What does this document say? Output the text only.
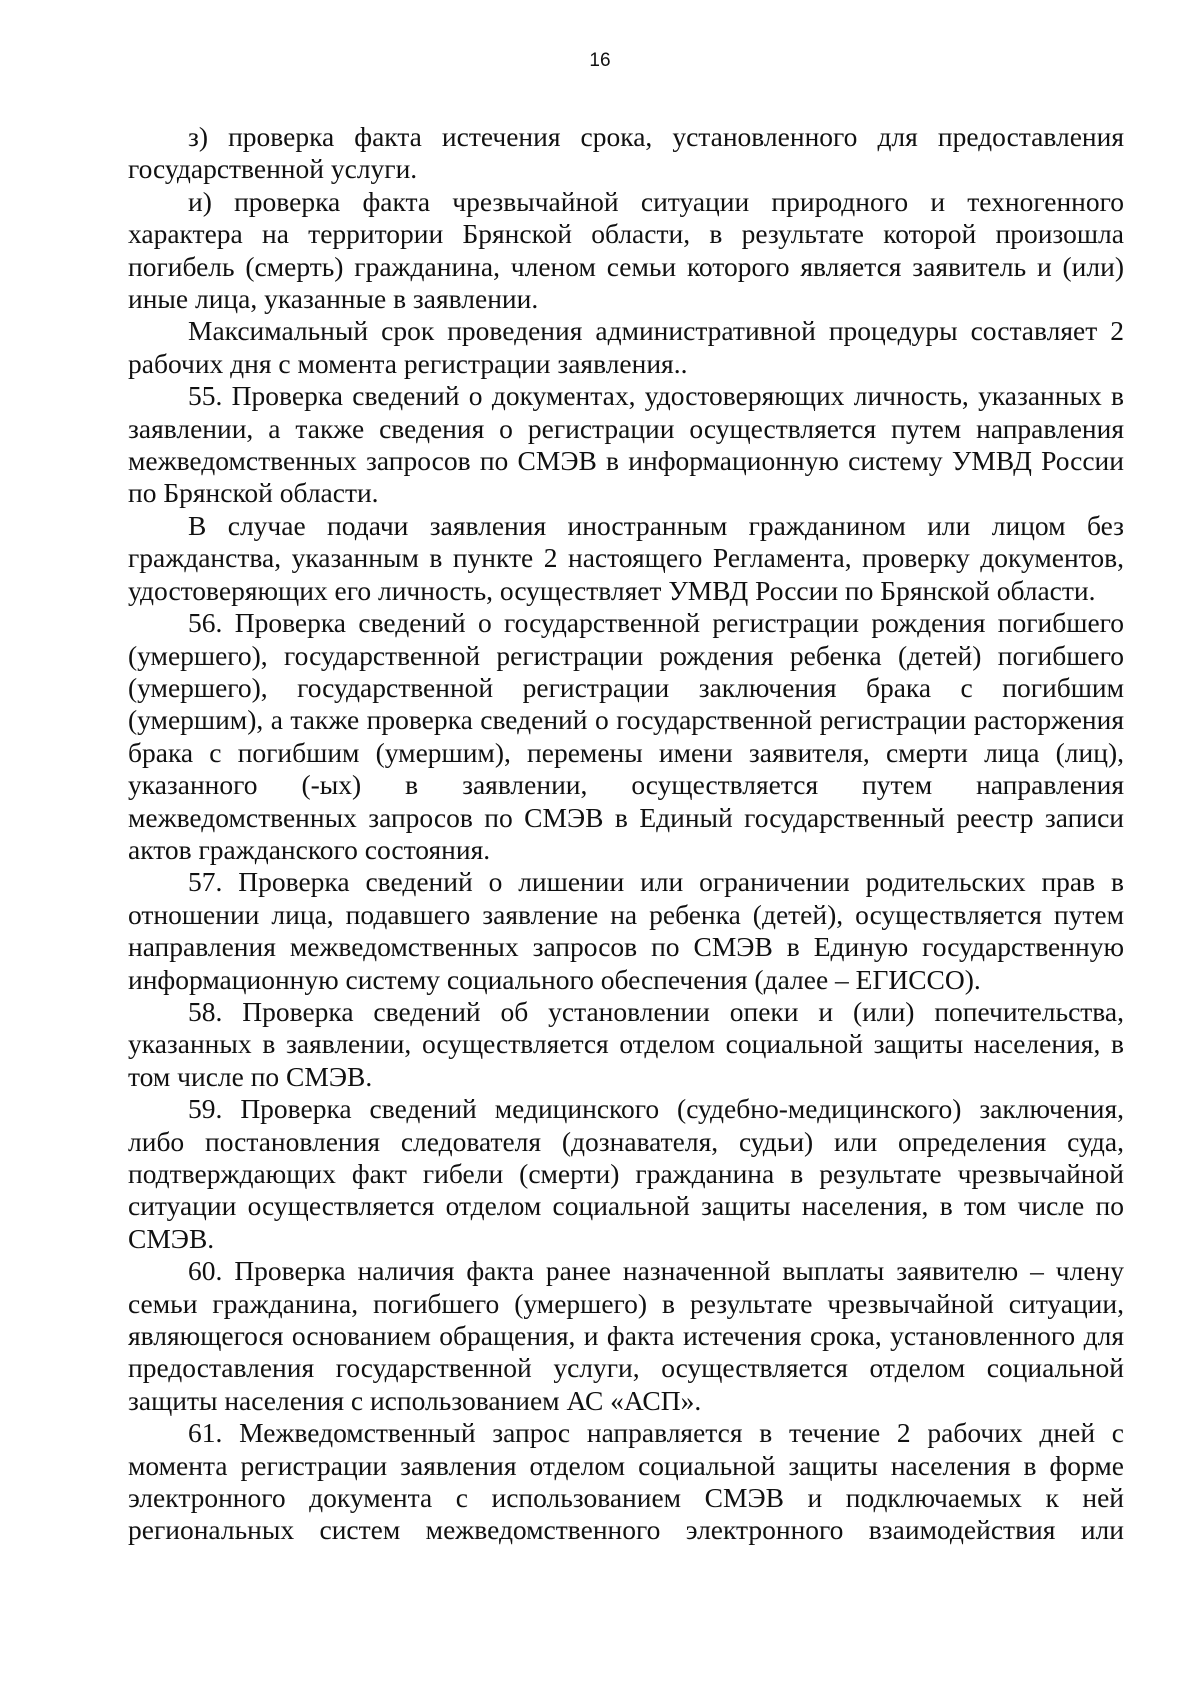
16

з) проверка факта истечения срока, установленного для предоставления государственной услуги.

и) проверка факта чрезвычайной ситуации природного и техногенного характера на территории Брянской области, в результате которой произошла погибель (смерть) гражданина, членом семьи которого является заявитель и (или) иные лица, указанные в заявлении.

Максимальный срок проведения административной процедуры составляет 2 рабочих дня с момента регистрации заявления..

55. Проверка сведений о документах, удостоверяющих личность, указанных в заявлении, а также сведения о регистрации осуществляется путем направления межведомственных запросов по СМЭВ в информационную систему УМВД России по Брянской области.

В случае подачи заявления иностранным гражданином или лицом без гражданства, указанным в пункте 2 настоящего Регламента, проверку документов, удостоверяющих его личность, осуществляет УМВД России по Брянской области.

56. Проверка сведений о государственной регистрации рождения погибшего (умершего), государственной регистрации рождения ребенка (детей) погибшего (умершего), государственной регистрации заключения брака с погибшим (умершим), а также проверка сведений о государственной регистрации расторжения брака с погибшим (умершим), перемены имени заявителя, смерти лица (лиц), указанного (-ых) в заявлении, осуществляется путем направления межведомственных запросов по СМЭВ в Единый государственный реестр записи актов гражданского состояния.

57. Проверка сведений о лишении или ограничении родительских прав в отношении лица, подавшего заявление на ребенка (детей), осуществляется путем направления межведомственных запросов по СМЭВ в Единую государственную информационную систему социального обеспечения (далее – ЕГИССО).

58. Проверка сведений об установлении опеки и (или) попечительства, указанных в заявлении, осуществляется отделом социальной защиты населения, в том числе по СМЭВ.

59. Проверка сведений медицинского (судебно-медицинского) заключения, либо постановления следователя (дознавателя, судьи) или определения суда, подтверждающих факт гибели (смерти) гражданина в результате чрезвычайной ситуации осуществляется отделом социальной защиты населения, в том числе по СМЭВ.

60. Проверка наличия факта ранее назначенной выплаты заявителю – члену семьи гражданина, погибшего (умершего) в результате чрезвычайной ситуации, являющегося основанием обращения, и факта истечения срока, установленного для предоставления государственной услуги, осуществляется отделом социальной защиты населения с использованием АС «АСП».

61. Межведомственный запрос направляется в течение 2 рабочих дней с момента регистрации заявления отделом социальной защиты населения в форме электронного документа с использованием СМЭВ и подключаемых к ней региональных систем межведомственного электронного взаимодействия или
